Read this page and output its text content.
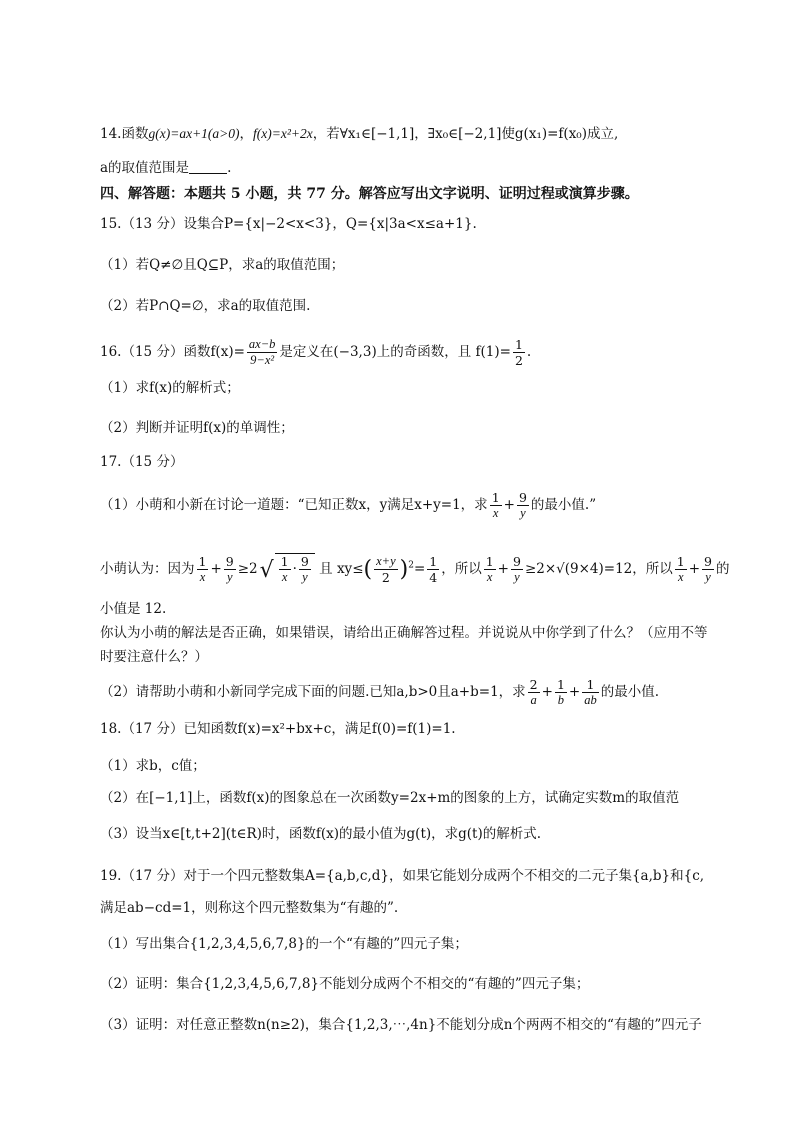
14.函数g(x)=ax+1(a>0)，f(x)=x²+2x，若∀x₁∈[−1,1]，∃x₀∈[−2,1]使g(x₁)=f(x₀)成立,
a的取值范围是	.
四、解答题：本题共 5 小题，共 77 分。解答应写出文字说明、证明过程或演算步骤。
15.（13 分）设集合P={x|−2<x<3}，Q={x|3a<x≤a+1}.
（1）若Q≠∅且Q⊆P，求a的取值范围；
（2）若P∩Q=∅，求a的取值范围.
16.（15 分）函数$f(x)= \frac{ax-b}{\text{9−x²}}$ 是定义在(−3,3)上的奇函数，且 $f(1)= \frac{1}{2}$ .
（1）求f(x)的解析式；
（2）判断并证明f(x)的单调性；
17.（15 分）
（1）小萌和小新在讨论一道题：“已知正数x，y满足x+y=1，求 $\frac{1}{x} + \frac{9}{y}$ 的最小值.”
小萌认为：因为 $\frac{1}{x} + \frac{9}{y} \ge 2√ \frac{1}{x} \cdot \frac{9}{y}$ 且 $xy\le( \frac{x+y}{2} )^2= \frac{1}{4}$ ，所以 $\frac{1}{x} + \frac{9}{y} \ge 2\times√(9\times 4)=12$，所以 $\frac{1}{x} + \frac{9}{y}$ 的
小值是 12.
你认为小萌的解法是否正确，如果错误，请给出正确解答过程。并说说从中你学到了什么？（应用不等
时要注意什么？）
（2）请帮助小萌和小新同学完成下面的问题.已知a,b>0且a+b=1，求 $\frac{2}{a} + \frac{1}{b} + \frac{1}{ab}$ 的最小值.
18.（17 分）已知函数f(x)=x²+bx+c，满足f(0)=f(1)=1.
（1）求b，c值；
（2）在[−1,1]上，函数f(x)的图象总在一次函数y=2x+m的图象的上方，试确定实数m的取值范
（3）设当x∈[t,t+2](t∈R)时，函数f(x)的最小值为g(t)，求g(t)的解析式.
19.（17 分）对于一个四元整数集A={a,b,c,d}，如果它能划分成两个不相交的二元子集{a,b}和{c,
满足ab−cd=1，则称这个四元整数集为“有趣的”.
（1）写出集合{1,2,3,4,5,6,7,8}的一个“有趣的”四元子集；
（2）证明：集合{1,2,3,4,5,6,7,8}不能划分成两个不相交的“有趣的”四元子集；
（3）证明：对任意正整数n(n≥2)，集合{1,2,3,⋯,4n}不能划分成n个两两不相交的“有趣的”四元子
